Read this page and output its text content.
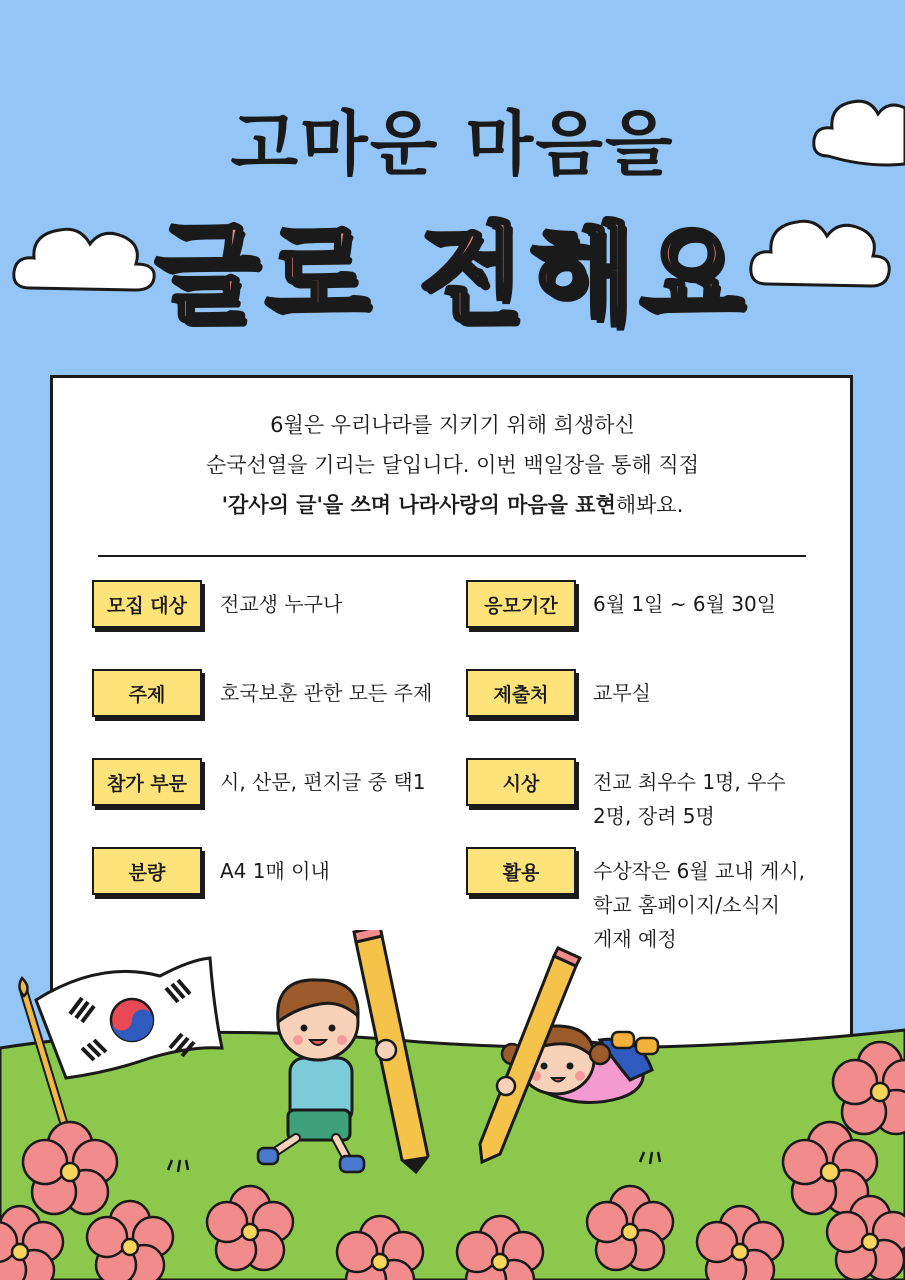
고마운 마음을
글로 전해요
6월은 우리나라를 지키기 위해 희생하신
순국선열을 기리는 달입니다. 이번 백일장을 통해 직접
'감사의 글'을 쓰며 나라사랑의 마음을 표현해봐요.
모집 대상	전교생 누구나
주제	호국보훈 관한 모든 주제
참가 부문	시, 산문, 편지글 중 택1
분량	A4 1매 이내
응모기간	6월 1일 ~ 6월 30일
제출처	교무실
시상	전교 최우수 1명, 우수
2명, 장려 5명
활용	수상작은 6월 교내 게시,
학교 홈페이지/소식지
게재 예정
